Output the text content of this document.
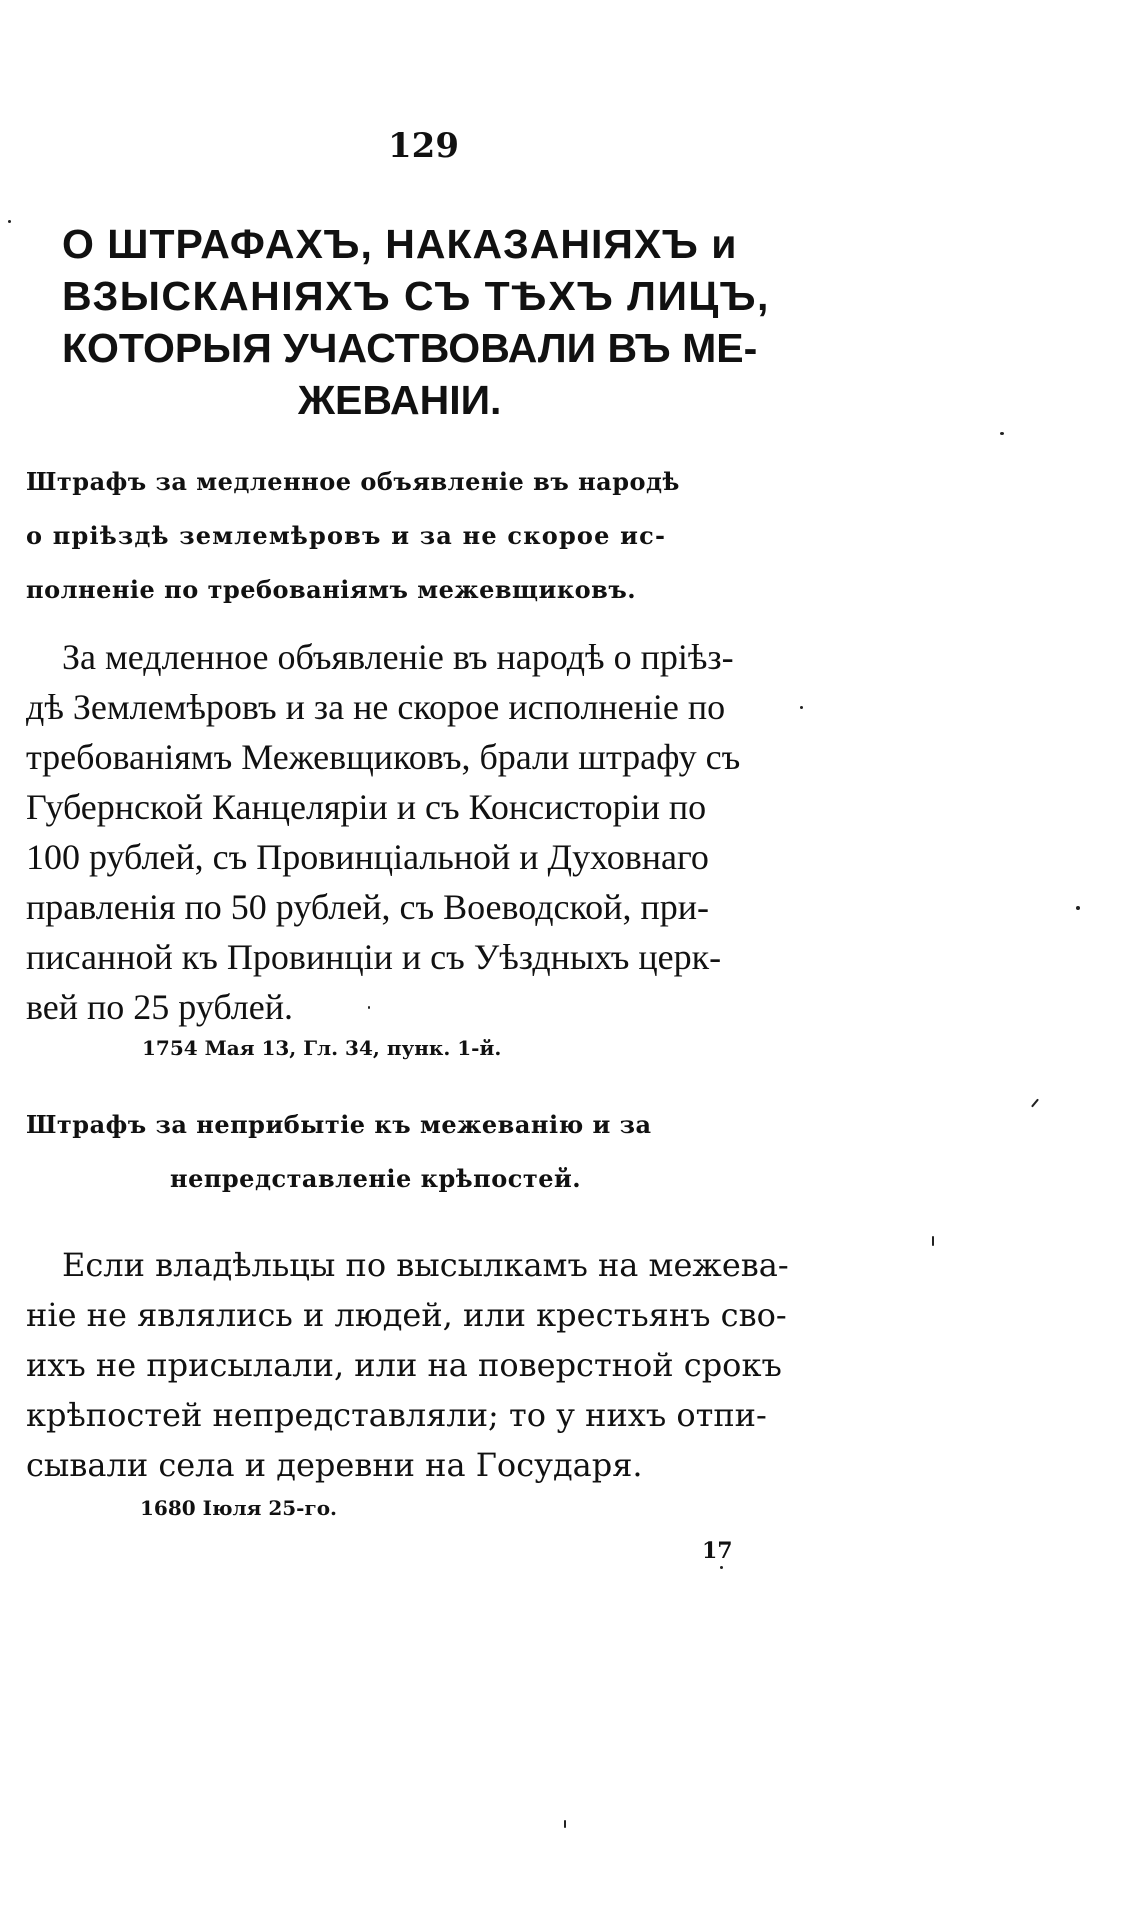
129
О ШТРАФАХЪ, НАКАЗАНІЯХЪ и
ВЗЫСКАНІЯХЪ СЪ ТѢХЪ ЛИЦЪ,
КОТОРЫЯ УЧАСТВОВАЛИ ВЪ МЕ-
ЖЕВАНІИ.
Штрафъ за медленное объявленіе въ народѣ
о пріѣздѣ землемѣровъ и за не скорое ис-
полненіе по требованіямъ межевщиковъ.
За медленное объявленіе въ народѣ о пріѣз-
дѣ Землемѣровъ и за не скорое исполненіе по
требованіямъ Межевщиковъ, брали штрафу съ
Губернской Канцеляріи и съ Консисторіи по
100 рублей, съ Провинціальной и Духовнаго
правленія по 50 рублей, съ Воеводской, при-
писанной къ Провинціи и съ Уѣздныхъ церк-
вей по 25 рублей.
1754 Мая 13, Гл. 34, пунк. 1-й.
Штрафъ за неприбытіе къ межеванію и за
непредставленіе крѣпостей.
Если владѣльцы по высылкамъ на межева-
ніе не являлись и людей, или крестьянъ сво-
ихъ не присылали, или на поверстной срокъ
крѣпостей непредставляли; то у нихъ отпи-
сывали села и деревни на Государя.
1680 Іюля 25-го.
17
